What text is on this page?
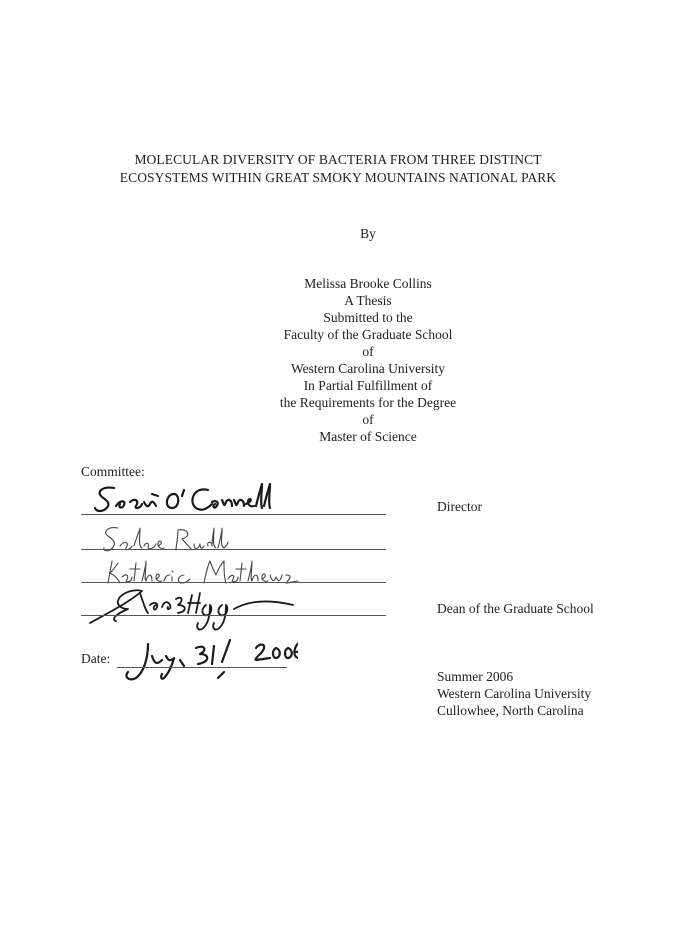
MOLECULAR DIVERSITY OF BACTERIA FROM THREE DISTINCT
ECOSYSTEMS WITHIN GREAT SMOKY MOUNTAINS NATIONAL PARK
By
Melissa Brooke Collins
A Thesis
Submitted to the
Faculty of the Graduate School
of
Western Carolina University
In Partial Fulfillment of
the Requirements for the Degree
of
Master of Science
Committee:
Director
Dean of the Graduate School
Date:
Summer 2006
Western Carolina University
Cullowhee, North Carolina
